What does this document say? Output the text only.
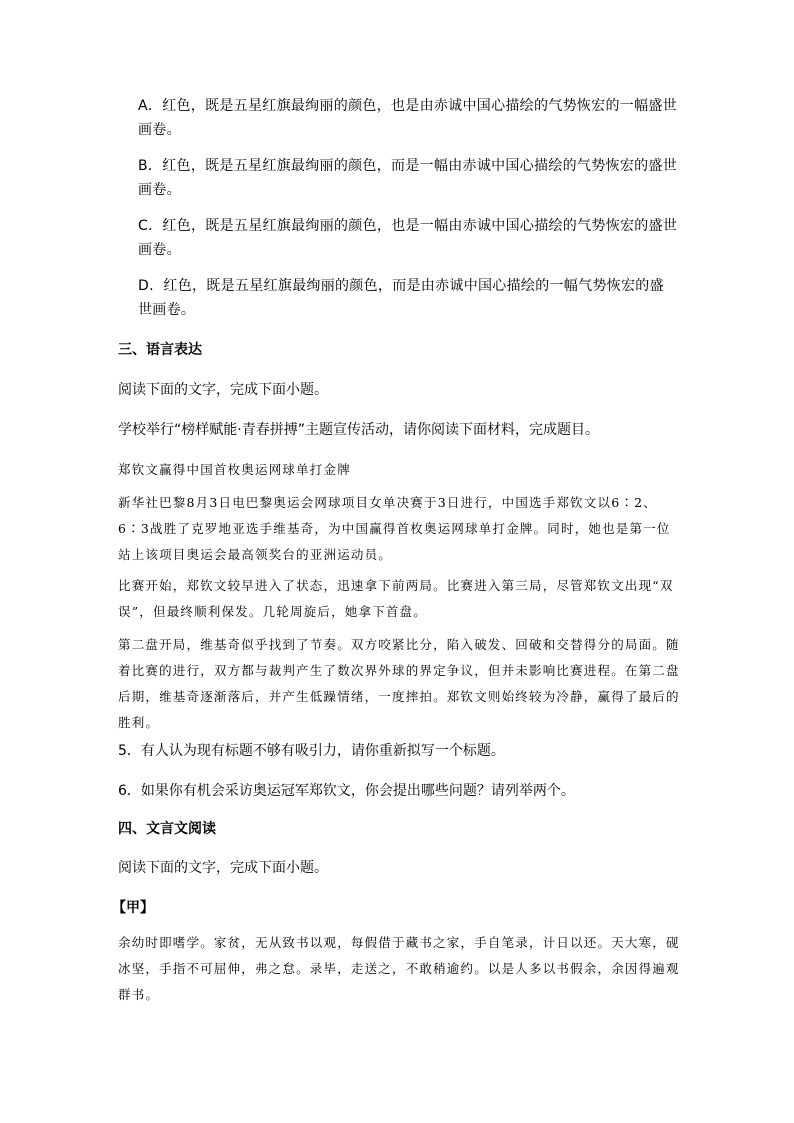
A．红色，既是五星红旗最绚丽的颜色，也是由赤诚中国心描绘的气势恢宏的一幅盛世画卷。
B．红色，既是五星红旗最绚丽的颜色，而是一幅由赤诚中国心描绘的气势恢宏的盛世画卷。
C．红色，既是五星红旗最绚丽的颜色，也是一幅由赤诚中国心描绘的气势恢宏的盛世画卷。
D．红色，既是五星红旗最绚丽的颜色，而是由赤诚中国心描绘的一幅气势恢宏的盛世画卷。
三、语言表达
阅读下面的文字，完成下面小题。
学校举行“榜样赋能·青春拼搏”主题宣传活动，请你阅读下面材料，完成题目。
郑钦文赢得中国首枚奥运网球单打金牌
新华社巴黎8月3日电巴黎奥运会网球项目女单决赛于3日进行，中国选手郑钦文以6∶2、6∶3战胜了克罗地亚选手维基奇，为中国赢得首枚奥运网球单打金牌。同时，她也是第一位站上该项目奥运会最高领奖台的亚洲运动员。
比赛开始，郑钦文较早进入了状态，迅速拿下前两局。比赛进入第三局，尽管郑钦文出现“双误”，但最终顺利保发。几轮周旋后，她拿下首盘。
第二盘开局，维基奇似乎找到了节奏。双方咬紧比分，陷入破发、回破和交替得分的局面。随着比赛的进行，双方都与裁判产生了数次界外球的界定争议，但并未影响比赛进程。在第二盘后期，维基奇逐渐落后，并产生低躁情绪，一度摔拍。郑钦文则始终较为冷静，赢得了最后的胜利。
5．有人认为现有标题不够有吸引力，请你重新拟写一个标题。
6．如果你有机会采访奥运冠军郑钦文，你会提出哪些问题？请列举两个。
四、文言文阅读
阅读下面的文字，完成下面小题。
【甲】
余幼时即嗜学。家贫，无从致书以观，每假借于藏书之家，手自笔录，计日以还。天大寒，砚冰坚，手指不可屈伸，弗之怠。录毕，走送之，不敢稍逾约。以是人多以书假余，余因得遍观群书。
